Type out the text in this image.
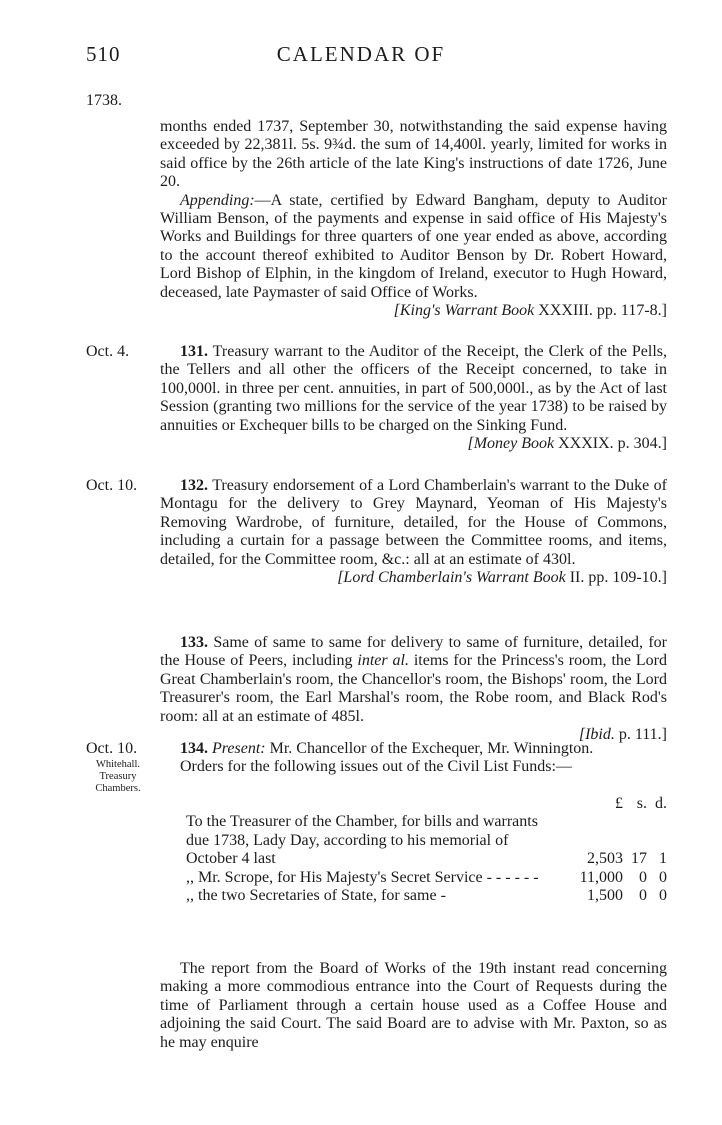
510	CALENDAR OF
1738.

months ended 1737, September 30, notwithstanding the said expense having exceeded by 22,381l. 5s. 9¾d. the sum of 14,400l. yearly, limited for works in said office by the 26th article of the late King's instructions of date 1726, June 20.

Appending:—A state, certified by Edward Bangham, deputy to Auditor William Benson, of the payments and expense in said office of His Majesty's Works and Buildings for three quarters of one year ended as above, according to the account thereof exhibited to Auditor Benson by Dr. Robert Howard, Lord Bishop of Elphin, in the kingdom of Ireland, executor to Hugh Howard, deceased, late Paymaster of said Office of Works.

[King's Warrant Book XXXIII. pp. 117-8.]

Oct. 4.	131. Treasury warrant to the Auditor of the Receipt, the Clerk of the Pells, the Tellers and all other the officers of the Receipt concerned, to take in 100,000l. in three per cent. annuities, in part of 500,000l., as by the Act of last Session (granting two millions for the service of the year 1738) to be raised by annuities or Exchequer bills to be charged on the Sinking Fund.

[Money Book XXXIX. p. 304.]

Oct. 10.	132. Treasury endorsement of a Lord Chamberlain's warrant to the Duke of Montagu for the delivery to Grey Maynard, Yeoman of His Majesty's Removing Wardrobe, of furniture, detailed, for the House of Commons, including a curtain for a passage between the Committee rooms, and items, detailed, for the Committee room, &c.: all at an estimate of 430l.

[Lord Chamberlain's Warrant Book II. pp. 109-10.]

133. Same of same to same for delivery to same of furniture, detailed, for the House of Peers, including inter al. items for the Princess's room, the Lord Great Chamberlain's room, the Chancellor's room, the Bishops' room, the Lord Treasurer's room, the Earl Marshal's room, the Robe room, and Black Rod's room: all at an estimate of 485l.

[Ibid. p. 111.]

Oct. 10.
Whitehall.
Treasury
Chambers.

134. Present: Mr. Chancellor of the Exchequer, Mr. Winnington.

Orders for the following issues out of the Civil List Funds:—

£ s. d.
To the Treasurer of the Chamber, for bills and warrants due 1738, Lady Day, according to his memorial of October 4 last	2,503 17 1
,, Mr. Scrope, for His Majesty's Secret Service - - - - - -	11,000 0 0
,, the two Secretaries of State, for same -	1,500 0 0

The report from the Board of Works of the 19th instant read concerning making a more commodious entrance into the Court of Requests during the time of Parliament through a certain house used as a Coffee House and adjoining the said Court. The said Board are to advise with Mr. Paxton, so as he may enquire
